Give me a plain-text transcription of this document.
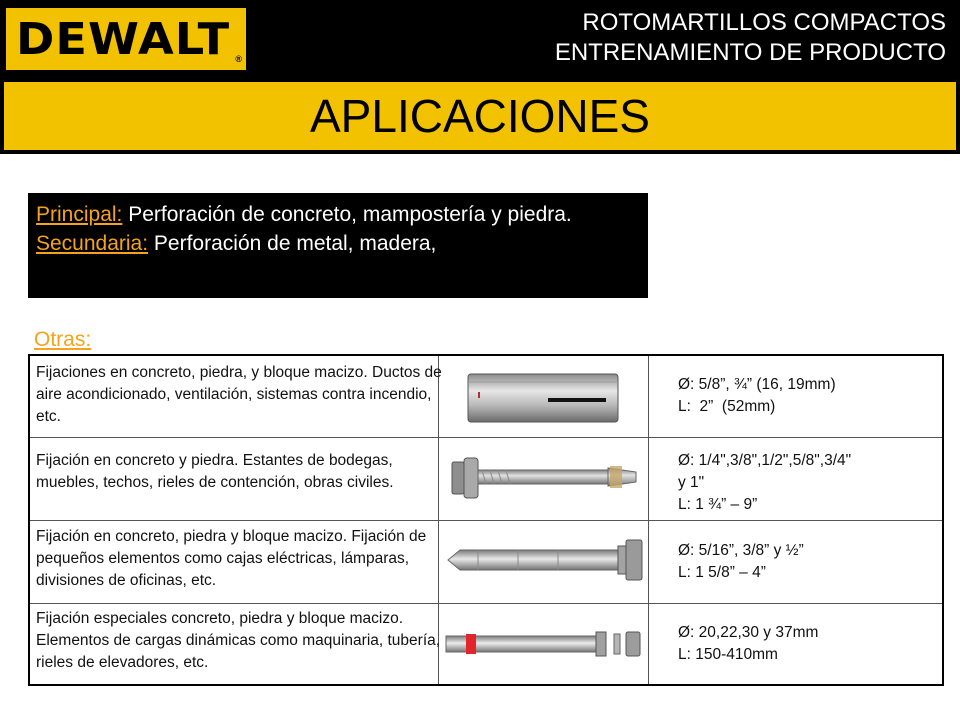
DEWALT ®
ROTOMARTILLOS COMPACTOS
ENTRENAMIENTO DE PRODUCTO
APLICACIONES
Principal: Perforación de concreto, mampostería y piedra.
Secundaria: Perforación de metal, madera,
Otras:
Fijaciones en concreto, piedra, y bloque macizo. Ductos de aire acondicionado, ventilación, sistemas contra incendio, etc.
Ø: 5/8”, ¾” (16, 19mm)
L:  2”  (52mm)
Fijación en concreto y piedra. Estantes de bodegas, muebles, techos, rieles de contención, obras civiles.
Ø: 1/4",3/8",1/2",5/8",3/4"
y 1"
L: 1 ¾” – 9”
Fijación en concreto, piedra y bloque macizo. Fijación de pequeños elementos como cajas eléctricas, lámparas, divisiones de oficinas, etc.
Ø: 5/16”, 3/8” y ½”
L: 1 5/8” – 4”
Fijación especiales concreto, piedra y bloque macizo. Elementos de cargas dinámicas como maquinaria, tubería, rieles de elevadores, etc.
Ø: 20,22,30 y 37mm
L: 150-410mm
